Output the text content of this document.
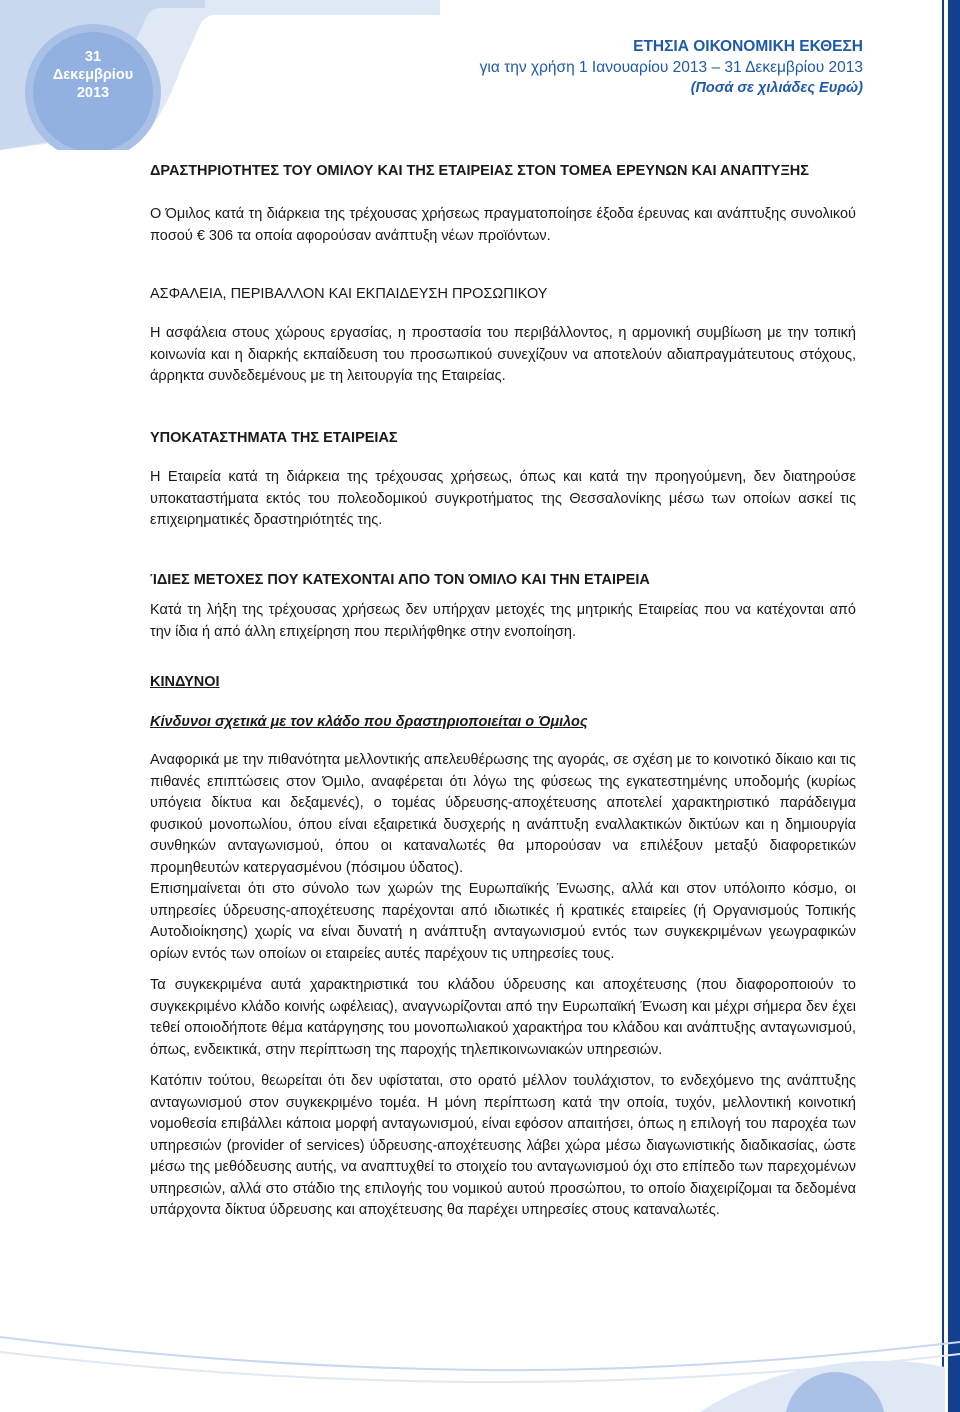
31
Δεκεμβρίου
2013
ΕΤΗΣΙΑ ΟΙΚΟΝΟΜΙΚΗ ΕΚΘΕΣΗ
για την χρήση 1 Ιανουαρίου 2013 – 31 Δεκεμβρίου 2013
(Ποσά σε χιλιάδες Ευρώ)

ΔΡΑΣΤΗΡΙΟΤΗΤΕΣ ΤΟΥ ΟΜΙΛΟΥ ΚΑΙ ΤΗΣ ΕΤΑΙΡΕΙΑΣ ΣΤΟΝ ΤΟΜΕΑ ΕΡΕΥΝΩΝ ΚΑΙ ΑΝΑΠΤΥΞΗΣ

Ο Όμιλος κατά τη διάρκεια της τρέχουσας χρήσεως πραγματοποίησε έξοδα έρευνας και ανάπτυξης συνολικού ποσού € 306 τα οποία αφορούσαν ανάπτυξη νέων προϊόντων.

ΑΣΦΑΛΕΙΑ, ΠΕΡΙΒΑΛΛΟΝ ΚΑΙ ΕΚΠΑΙΔΕΥΣΗ ΠΡΟΣΩΠΙΚΟΥ

Η ασφάλεια στους χώρους εργασίας, η προστασία του περιβάλλοντος, η αρμονική συμβίωση με την τοπική κοινωνία και η διαρκής εκπαίδευση του προσωπικού συνεχίζουν να αποτελούν αδιαπραγμάτευτους στόχους, άρρηκτα συνδεδεμένους με τη λειτουργία της Εταιρείας.

ΥΠΟΚΑΤΑΣΤΗΜΑΤΑ ΤΗΣ ΕΤΑΙΡΕΙΑΣ

Η Εταιρεία κατά τη διάρκεια της τρέχουσας χρήσεως, όπως και κατά την προηγούμενη, δεν διατηρούσε υποκαταστήματα εκτός του πολεοδομικού συγκροτήματος της Θεσσαλονίκης μέσω των οποίων ασκεί τις επιχειρηματικές δραστηριότητές της.

ΊΔΙΕΣ ΜΕΤΟΧΕΣ ΠΟΥ ΚΑΤΕΧΟΝΤΑΙ ΑΠΟ ΤΟΝ ΌΜΙΛΟ ΚΑΙ ΤΗΝ ΕΤΑΙΡΕΙΑ

Κατά τη λήξη της τρέχουσας χρήσεως δεν υπήρχαν μετοχές της μητρικής Εταιρείας που να κατέχονται από την ίδια ή από άλλη επιχείρηση που περιλήφθηκε στην ενοποίηση.

ΚΙΝΔΥΝΟΙ

Κίνδυνοι σχετικά με τον κλάδο που δραστηριοποιείται ο Όμιλος

Αναφορικά με την πιθανότητα μελλοντικής απελευθέρωσης της αγοράς, σε σχέση με το κοινοτικό δίκαιο και τις πιθανές επιπτώσεις στον Όμιλο, αναφέρεται ότι λόγω της φύσεως της εγκατεστημένης υποδομής (κυρίως υπόγεια δίκτυα και δεξαμενές), ο τομέας ύδρευσης-αποχέτευσης αποτελεί χαρακτηριστικό παράδειγμα φυσικού μονοπωλίου, όπου είναι εξαιρετικά δυσχερής η ανάπτυξη εναλλακτικών δικτύων και η δημιουργία συνθηκών ανταγωνισμού, όπου οι καταναλωτές θα μπορούσαν να επιλέξουν μεταξύ διαφορετικών προμηθευτών κατεργασμένου (πόσιμου ύδατος).

Επισημαίνεται ότι στο σύνολο των χωρών της Ευρωπαϊκής Ένωσης, αλλά και στον υπόλοιπο κόσμο, οι υπηρεσίες ύδρευσης-αποχέτευσης παρέχονται από ιδιωτικές ή κρατικές εταιρείες (ή Οργανισμούς Τοπικής Αυτοδιοίκησης) χωρίς να είναι δυνατή η ανάπτυξη ανταγωνισμού εντός των συγκεκριμένων γεωγραφικών ορίων εντός των οποίων οι εταιρείες αυτές παρέχουν τις υπηρεσίες τους.

Τα συγκεκριμένα αυτά χαρακτηριστικά του κλάδου ύδρευσης και αποχέτευσης (που διαφοροποιούν το συγκεκριμένο κλάδο κοινής ωφέλειας), αναγνωρίζονται από την Ευρωπαϊκή Ένωση και μέχρι σήμερα δεν έχει τεθεί οποιοδήποτε θέμα κατάργησης του μονοπωλιακού χαρακτήρα του κλάδου και ανάπτυξης ανταγωνισμού, όπως, ενδεικτικά, στην περίπτωση της παροχής τηλεπικοινωνιακών υπηρεσιών.

Κατόπιν τούτου, θεωρείται ότι δεν υφίσταται, στο ορατό μέλλον τουλάχιστον, το ενδεχόμενο της ανάπτυξης ανταγωνισμού στον συγκεκριμένο τομέα. Η μόνη περίπτωση κατά την οποία, τυχόν, μελλοντική κοινοτική νομοθεσία επιβάλλει κάποια μορφή ανταγωνισμού, είναι εφόσον απαιτήσει, όπως η επιλογή του παροχέα των υπηρεσιών (provider of services) ύδρευσης-αποχέτευσης λάβει χώρα μέσω διαγωνιστικής διαδικασίας, ώστε μέσω της μεθόδευσης αυτής, να αναπτυχθεί το στοιχείο του ανταγωνισμού όχι στο επίπεδο των παρεχομένων υπηρεσιών, αλλά στο στάδιο της επιλογής του νομικού αυτού προσώπου, το οποίο διαχειρίζομαι τα δεδομένα υπάρχοντα δίκτυα ύδρευσης και αποχέτευσης θα παρέχει υπηρεσίες στους καταναλωτές.
